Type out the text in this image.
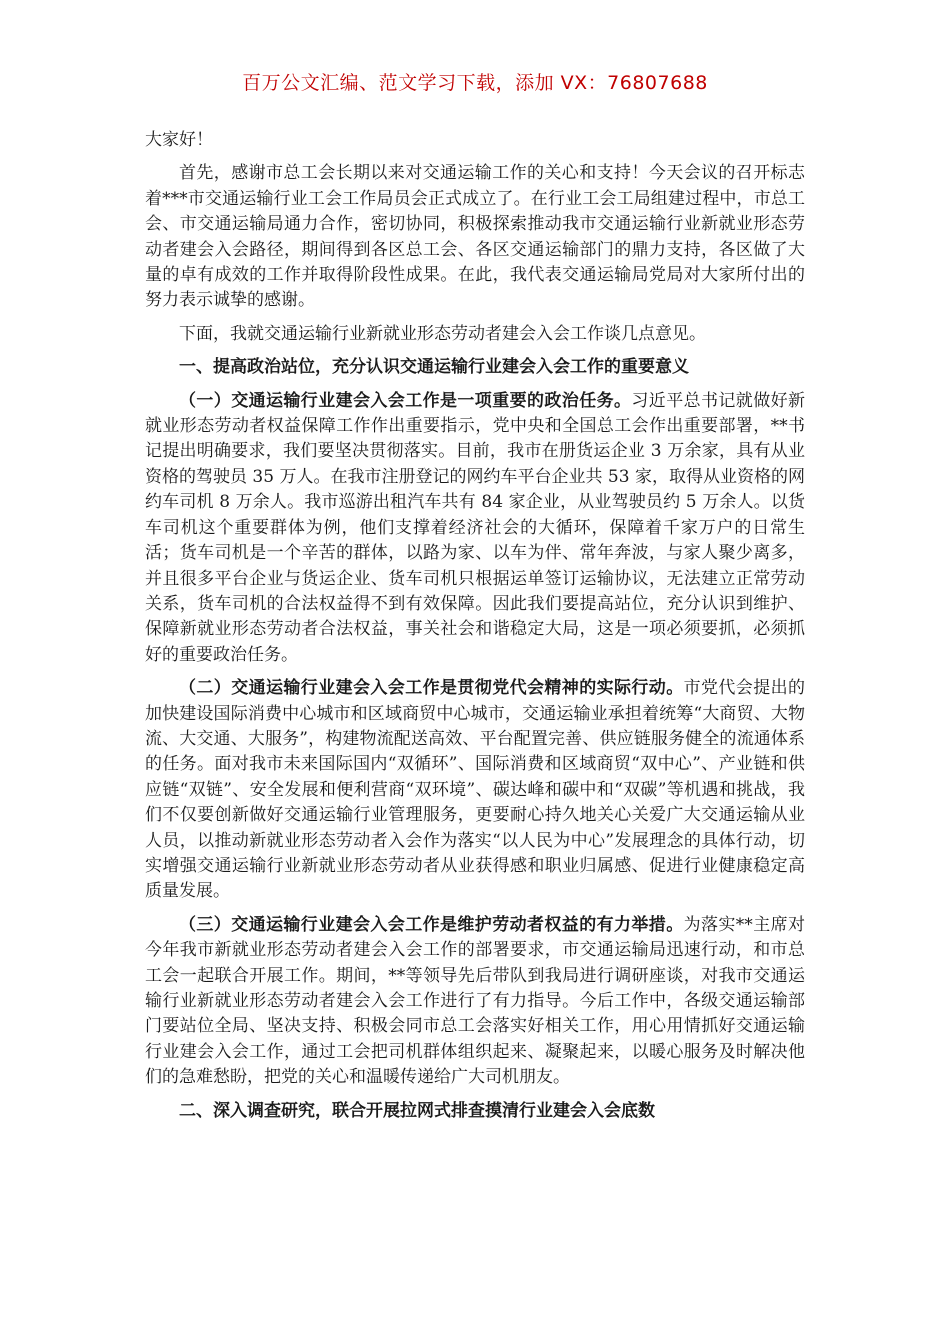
百万公文汇编、范文学习下载，添加 VX：76807688

大家好！

首先，感谢市总工会长期以来对交通运输工作的关心和支持！今天会议的召开标志着***市交通运输行业工会工作局员会正式成立了。在行业工会工局组建过程中，市总工会、市交通运输局通力合作，密切协同，积极探索推动我市交通运输行业新就业形态劳动者建会入会路径，期间得到各区总工会、各区交通运输部门的鼎力支持，各区做了大量的卓有成效的工作并取得阶段性成果。在此，我代表交通运输局党局对大家所付出的努力表示诚挚的感谢。

下面，我就交通运输行业新就业形态劳动者建会入会工作谈几点意见。

一、提高政治站位，充分认识交通运输行业建会入会工作的重要意义

（一）交通运输行业建会入会工作是一项重要的政治任务。习近平总书记就做好新就业形态劳动者权益保障工作作出重要指示，党中央和全国总工会作出重要部署，**书记提出明确要求，我们要坚决贯彻落实。目前，我市在册货运企业 3 万余家，具有从业资格的驾驶员 35 万人。在我市注册登记的网约车平台企业共 53 家，取得从业资格的网约车司机 8 万余人。我市巡游出租汽车共有 84 家企业，从业驾驶员约 5 万余人。以货车司机这个重要群体为例，他们支撑着经济社会的大循环，保障着千家万户的日常生活；货车司机是一个辛苦的群体，以路为家、以车为伴、常年奔波，与家人聚少离多，并且很多平台企业与货运企业、货车司机只根据运单签订运输协议，无法建立正常劳动关系，货车司机的合法权益得不到有效保障。因此我们要提高站位，充分认识到维护、保障新就业形态劳动者合法权益，事关社会和谐稳定大局，这是一项必须要抓，必须抓好的重要政治任务。

（二）交通运输行业建会入会工作是贯彻党代会精神的实际行动。市党代会提出的加快建设国际消费中心城市和区域商贸中心城市，交通运输业承担着统筹“大商贸、大物流、大交通、大服务”，构建物流配送高效、平台配置完善、供应链服务健全的流通体系的任务。面对我市未来国际国内“双循环”、国际消费和区域商贸“双中心”、产业链和供应链“双链”、安全发展和便利营商“双环境”、碳达峰和碳中和“双碳”等机遇和挑战，我们不仅要创新做好交通运输行业管理服务，更要耐心持久地关心关爱广大交通运输从业人员，以推动新就业形态劳动者入会作为落实“以人民为中心”发展理念的具体行动，切实增强交通运输行业新就业形态劳动者从业获得感和职业归属感、促进行业健康稳定高质量发展。

（三）交通运输行业建会入会工作是维护劳动者权益的有力举措。为落实**主席对今年我市新就业形态劳动者建会入会工作的部署要求，市交通运输局迅速行动，和市总工会一起联合开展工作。期间，**等领导先后带队到我局进行调研座谈，对我市交通运输行业新就业形态劳动者建会入会工作进行了有力指导。今后工作中，各级交通运输部门要站位全局、坚决支持、积极会同市总工会落实好相关工作，用心用情抓好交通运输行业建会入会工作，通过工会把司机群体组织起来、凝聚起来，以暖心服务及时解决他们的急难愁盼，把党的关心和温暖传递给广大司机朋友。

二、深入调查研究，联合开展拉网式排查摸清行业建会入会底数
